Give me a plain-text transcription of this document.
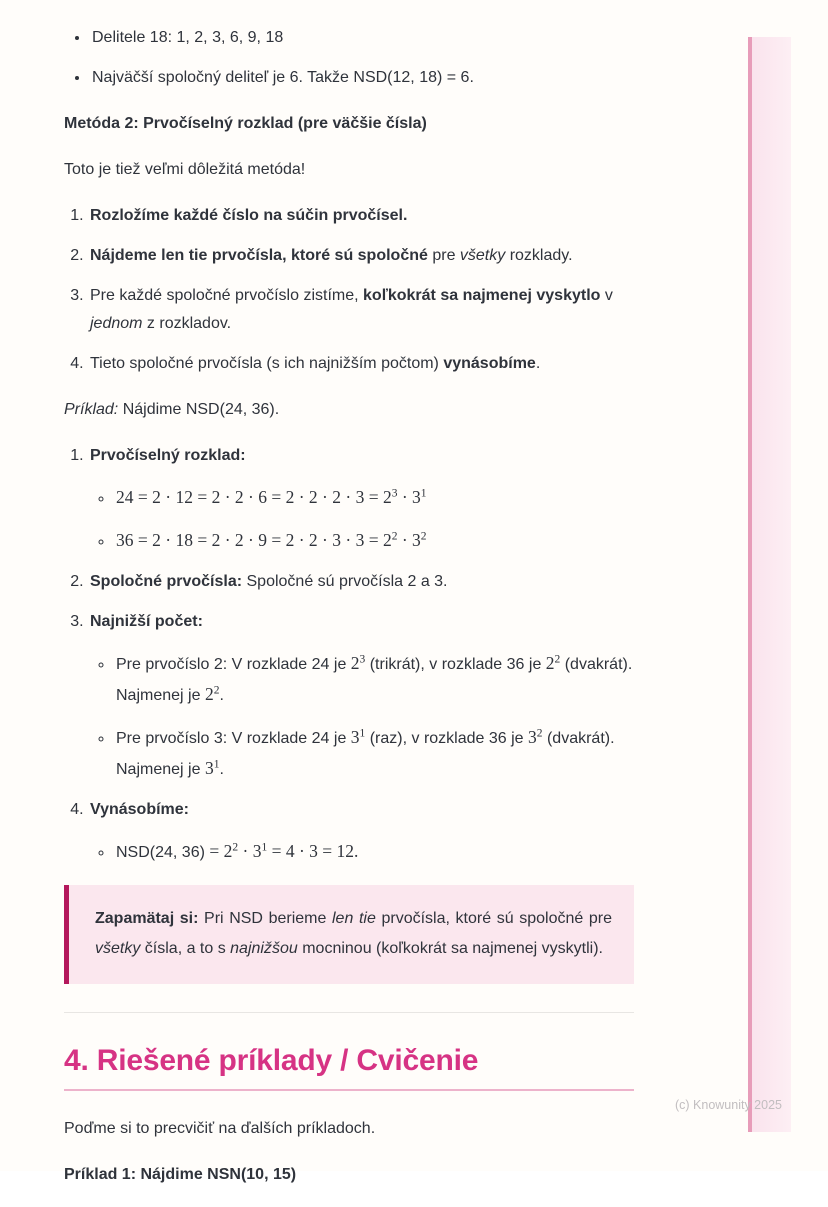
• Delitele 18: 1, 2, 3, 6, 9, 18
• Najväčší spoločný deliteľ je 6. Takže NSD(12, 18) = 6.

Metóda 2: Prvočíselný rozklad (pre väčšie čísla)

Toto je tiež veľmi dôležitá metóda!

1. Rozložíme každé číslo na súčin prvočísel.
2. Nájdeme len tie prvočísla, ktoré sú spoločné pre všetky rozklady.
3. Pre každé spoločné prvočíslo zistíme, koľkokrát sa najmenej vyskytlo v jednom z rozkladov.
4. Tieto spoločné prvočísla (s ich najnižším počtom) vynásobíme.

Príklad: Nájdime NSD(24, 36).

1. Prvočíselný rozklad:
◦ $24 = 2 \cdot 12 = 2 \cdot 2 \cdot 6 = 2 \cdot 2 \cdot 2 \cdot 3 = 2^3 \cdot 3^1$
◦ $36 = 2 \cdot 18 = 2 \cdot 2 \cdot 9 = 2 \cdot 2 \cdot 3 \cdot 3 = 2^2 \cdot 3^2$
2. Spoločné prvočísla: Spoločné sú prvočísla 2 a 3.
3. Najnižší počet:
◦ Pre prvočíslo 2: V rozklade 24 je $2^3$ (trikrát), v rozklade 36 je $2^2$ (dvakrát). Najmenej je $2^2$.
◦ Pre prvočíslo 3: V rozklade 24 je $3^1$ (raz), v rozklade 36 je $3^2$ (dvakrát). Najmenej je $3^1$.
4. Vynásobíme:
◦ NSD(24, $36) = 2^2 \cdot 3^1 = 4 \cdot 3 = 12$.

Zapamätaj si: Pri NSD berieme len tie prvočísla, ktoré sú spoločné pre všetky čísla, a to s najnižšou mocninou (koľkokrát sa najmenej vyskytli).

4. Riešené príklady / Cvičenie

Poďme si to precvičiť na ďalších príkladoch.

Príklad 1: Nájdime NSN(10, 15)

(c) Knowunity 2025
